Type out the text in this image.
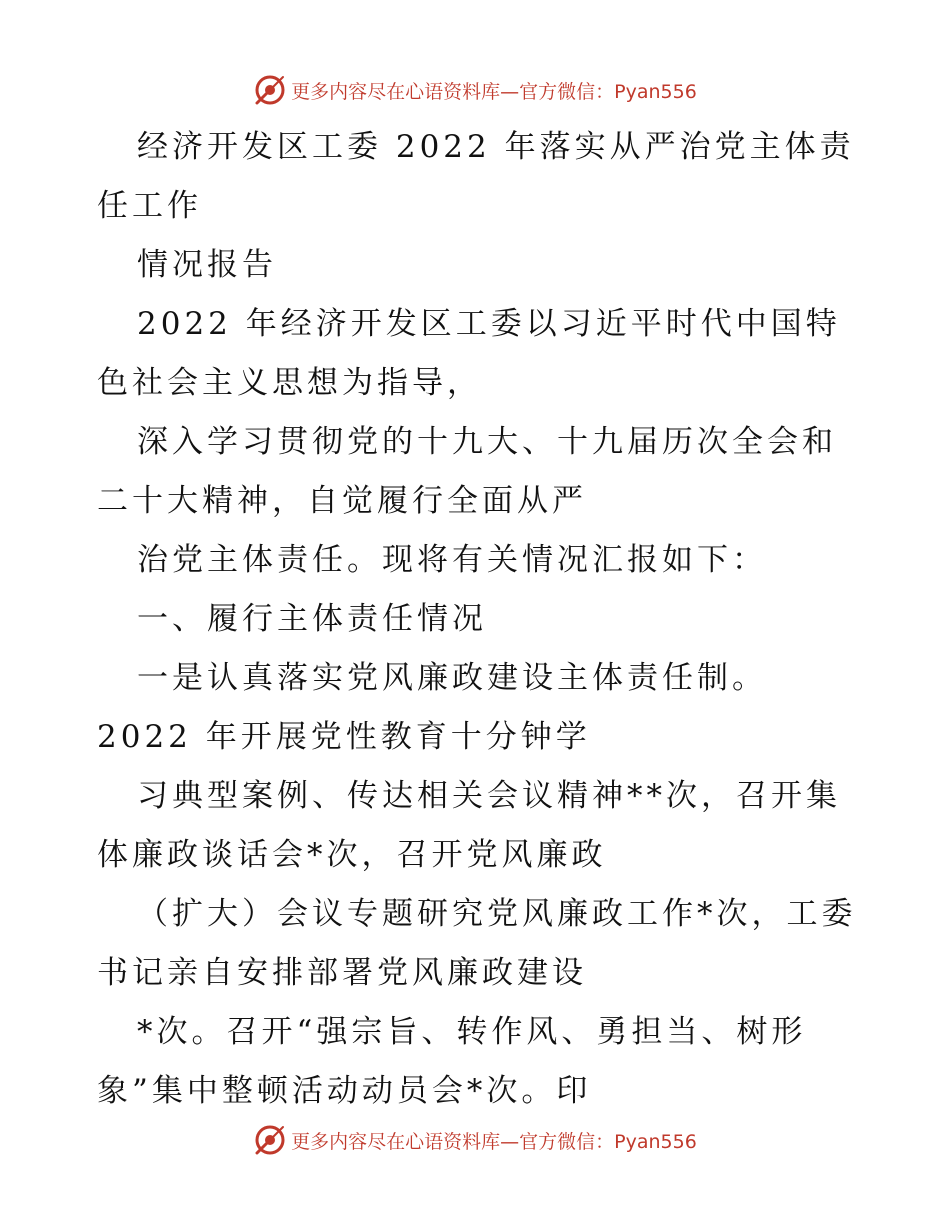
更多内容尽在心语资料库—官方微信：Pyan556

经济开发区工委 2022 年落实从严治党主体责任工作

情况报告

2022 年经济开发区工委以习近平时代中国特色社会主义思想为指导，

深入学习贯彻党的十九大、十九届历次全会和二十大精神，自觉履行全面从严

治党主体责任。现将有关情况汇报如下：

一、履行主体责任情况

一是认真落实党风廉政建设主体责任制。2022 年开展党性教育十分钟学

习典型案例、传达相关会议精神**次，召开集体廉政谈话会*次，召开党风廉政

（扩大）会议专题研究党风廉政工作*次，工委书记亲自安排部署党风廉政建设

*次。召开“强宗旨、转作风、勇担当、树形象”集中整顿活动动员会*次。印

更多内容尽在心语资料库—官方微信：Pyan556
